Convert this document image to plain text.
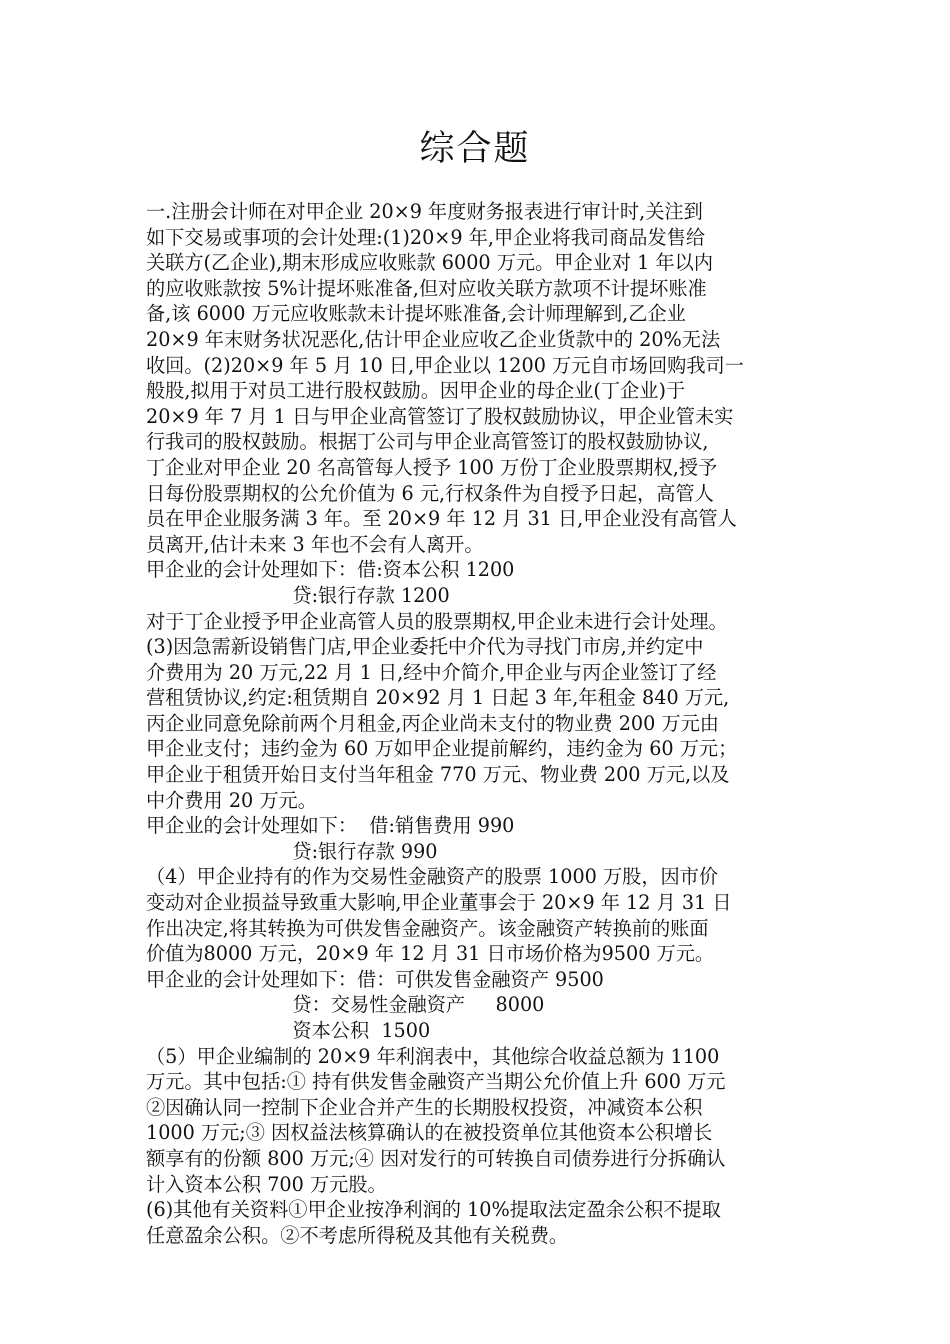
综合题
一.注册会计师在对甲企业 20×9 年度财务报表进行审计时,关注到
如下交易或事项的会计处理:(1)20×9 年,甲企业将我司商品发售给
关联方(乙企业),期末形成应收账款 6000 万元。甲企业对 1 年以内
的应收账款按 5%计提坏账准备,但对应收关联方款项不计提坏账准
备,该 6000 万元应收账款未计提坏账准备,会计师理解到,乙企业
20×9 年末财务状况恶化,估计甲企业应收乙企业货款中的 20%无法
收回。(2)20×9 年 5 月 10 日,甲企业以 1200 万元自市场回购我司一
般股,拟用于对员工进行股权鼓励。因甲企业的母企业(丁企业)于
20×9 年 7 月 1 日与甲企业高管签订了股权鼓励协议，甲企业管未实
行我司的股权鼓励。根据丁公司与甲企业高管签订的股权鼓励协议,
丁企业对甲企业 20 名高管每人授予 100 万份丁企业股票期权,授予
日每份股票期权的公允价值为 6 元,行权条件为自授予日起，高管人
员在甲企业服务满 3 年。至 20×9 年 12 月 31 日,甲企业没有高管人
员离开,估计未来 3 年也不会有人离开。
甲企业的会计处理如下：借:资本公积 1200
贷:银行存款 1200
对于丁企业授予甲企业高管人员的股票期权,甲企业未进行会计处理。
(3)因急需新设销售门店,甲企业委托中介代为寻找门市房,并约定中
介费用为 20 万元,22 月 1 日,经中介简介,甲企业与丙企业签订了经
营租赁协议,约定:租赁期自 20×92 月 1 日起 3 年,年租金 840 万元,
丙企业同意免除前两个月租金,丙企业尚未支付的物业费 200 万元由
甲企业支付；违约金为 60 万如甲企业提前解约，违约金为 60 万元；
甲企业于租赁开始日支付当年租金 770 万元、物业费 200 万元,以及
中介费用 20 万元。
甲企业的会计处理如下：  借:销售费用 990
贷:银行存款 990
（4）甲企业持有的作为交易性金融资产的股票 1000 万股，因市价
变动对企业损益导致重大影响,甲企业董事会于 20×9 年 12 月 31 日
作出决定,将其转换为可供发售金融资产。该金融资产转换前的账面
价值为8000 万元，20×9 年 12 月 31 日市场价格为9500 万元。
甲企业的会计处理如下：借：可供发售金融资产 9500
贷：交易性金融资产     8000
资本公积  1500
（5）甲企业编制的 20×9 年利润表中，其他综合收益总额为 1100
万元。其中包括:① 持有供发售金融资产当期公允价值上升 600 万元
②因确认同一控制下企业合并产生的长期股权投资，冲减资本公积
1000 万元;③ 因权益法核算确认的在被投资单位其他资本公积增长
额享有的份额 800 万元;④ 因对发行的可转换自司债券进行分拆确认
计入资本公积 700 万元股。
(6)其他有关资料①甲企业按净利润的 10%提取法定盈余公积不提取
任意盈余公积。②不考虑所得税及其他有关税费。
